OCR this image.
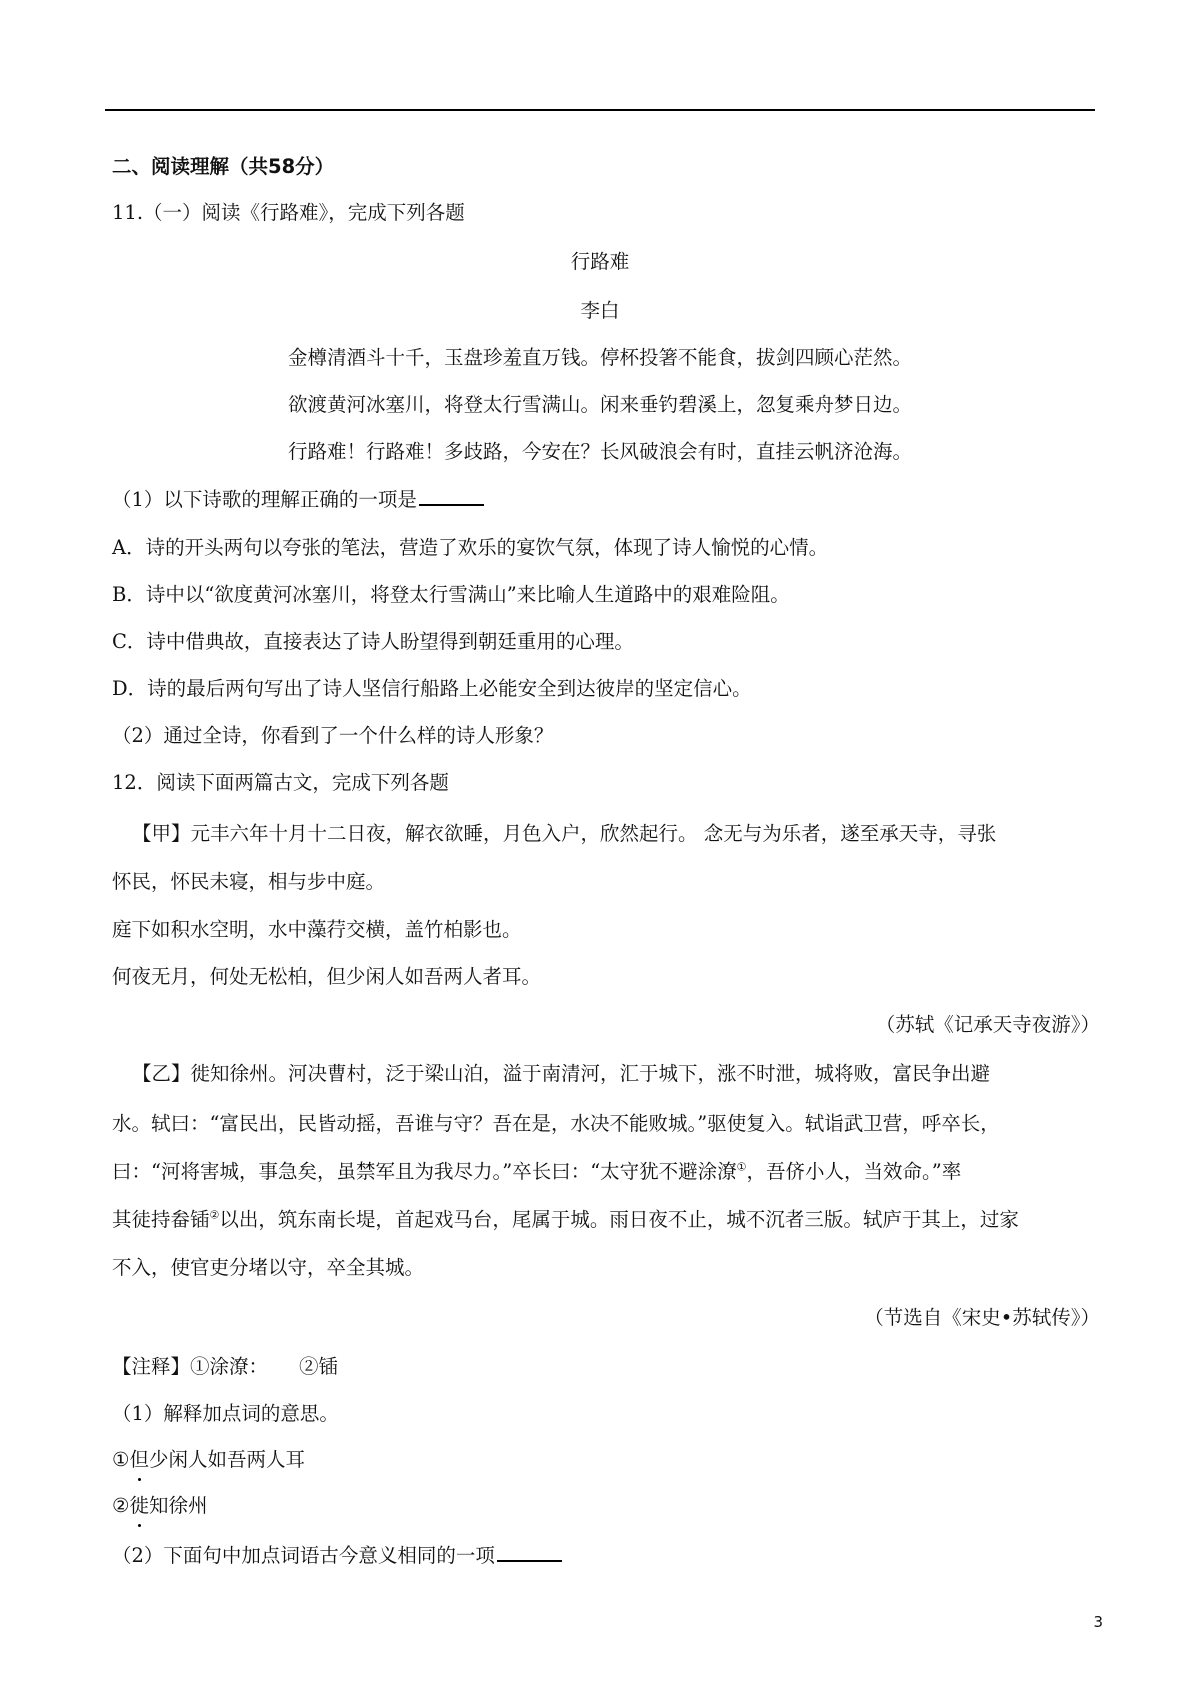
二、阅读理解（共58分）
11.（一）阅读《行路难》，完成下列各题
行路难
李白
金樽清酒斗十千，玉盘珍羞直万钱。停杯投箸不能食，拔剑四顾心茫然。
欲渡黄河冰塞川，将登太行雪满山。闲来垂钓碧溪上，忽复乘舟梦日边。
行路难！行路难！多歧路，今安在？长风破浪会有时，直挂云帆济沧海。
（1）以下诗歌的理解正确的一项是
A．诗的开头两句以夸张的笔法，营造了欢乐的宴饮气氛，体现了诗人愉悦的心情。
B．诗中以“欲度黄河冰塞川，将登太行雪满山”来比喻人生道路中的艰难险阻。
C．诗中借典故，直接表达了诗人盼望得到朝廷重用的心理。
D．诗的最后两句写出了诗人坚信行船路上必能安全到达彼岸的坚定信心。
（2）通过全诗，你看到了一个什么样的诗人形象？
12．阅读下面两篇古文，完成下列各题
【甲】元丰六年十月十二日夜，解衣欲睡，月色入户，欣然起行。 念无与为乐者，遂至承天寺，寻张
怀民，怀民未寝，相与步中庭。
庭下如积水空明，水中藻荇交横，盖竹柏影也。
何夜无月，何处无松柏，但少闲人如吾两人者耳。
（苏轼《记承天寺夜游》）
【乙】徙知徐州。河决曹村，泛于梁山泊，溢于南清河，汇于城下，涨不时泄，城将败，富民争出避
水。轼曰：“富民出，民皆动摇，吾谁与守？吾在是，水决不能败城。”驱使复入。轼诣武卫营，呼卒长，
曰：“河将害城，事急矣，虽禁军且为我尽力。”卒长曰：“太守犹不避涂潦①，吾侪小人，当效命。”率
其徒持畚锸②以出，筑东南长堤，首起戏马台，尾属于城。雨日夜不止，城不沉者三版。轼庐于其上，过家
不入，使官吏分堵以守，卒全其城。
（节选自《宋史•苏轼传》）
【注释】①涂潦：     ②锸
（1）解释加点词的意思。
①但少闲人如吾两人耳
②徙知徐州
（2）下面句中加点词语古今意义相同的一项
3
